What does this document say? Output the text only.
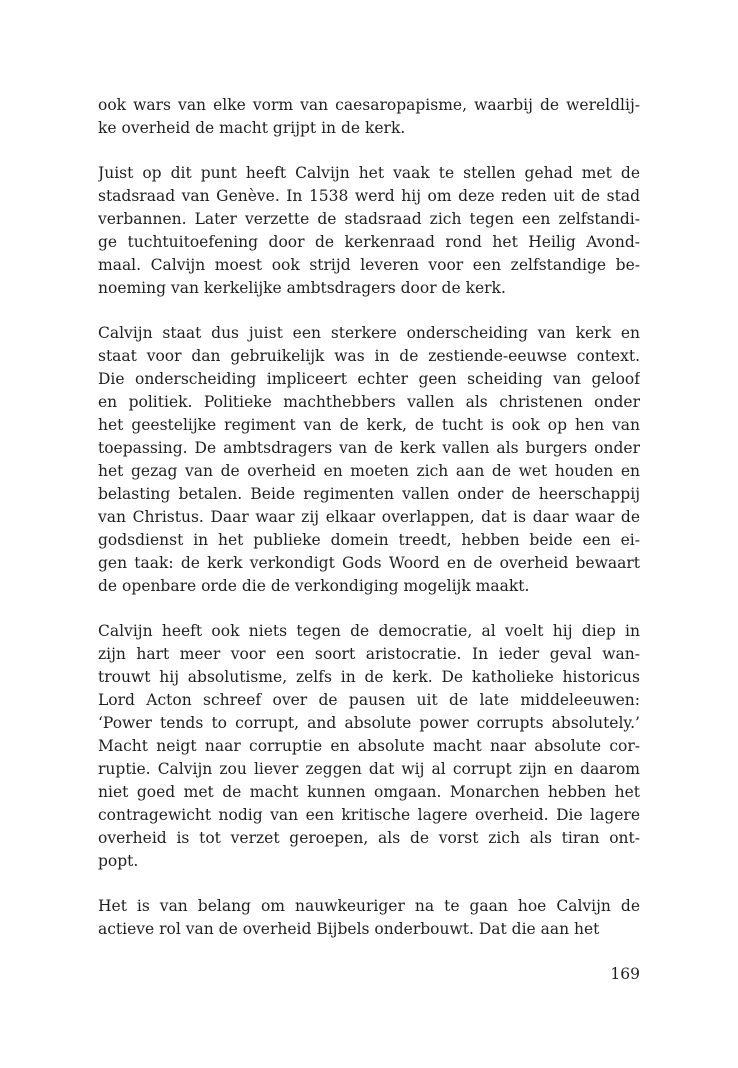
ook wars van elke vorm van caesaropapisme, waarbij de wereldlij-
ke overheid de macht grijpt in de kerk.
Juist op dit punt heeft Calvijn het vaak te stellen gehad met de
stadsraad van Genève. In 1538 werd hij om deze reden uit de stad
verbannen. Later verzette de stadsraad zich tegen een zelfstandi-
ge tuchtuitoefening door de kerkenraad rond het Heilig Avond-
maal. Calvijn moest ook strijd leveren voor een zelfstandige be-
noeming van kerkelijke ambtsdragers door de kerk.
Calvijn staat dus juist een sterkere onderscheiding van kerk en
staat voor dan gebruikelijk was in de zestiende-eeuwse context.
Die onderscheiding impliceert echter geen scheiding van geloof
en politiek. Politieke machthebbers vallen als christenen onder
het geestelijke regiment van de kerk, de tucht is ook op hen van
toepassing. De ambtsdragers van de kerk vallen als burgers onder
het gezag van de overheid en moeten zich aan de wet houden en
belasting betalen. Beide regimenten vallen onder de heerschappij
van Christus. Daar waar zij elkaar overlappen, dat is daar waar de
godsdienst in het publieke domein treedt, hebben beide een ei-
gen taak: de kerk verkondigt Gods Woord en de overheid bewaart
de openbare orde die de verkondiging mogelijk maakt.
Calvijn heeft ook niets tegen de democratie, al voelt hij diep in
zijn hart meer voor een soort aristocratie. In ieder geval wan-
trouwt hij absolutisme, zelfs in de kerk. De katholieke historicus
Lord Acton schreef over de pausen uit de late middeleeuwen:
‘Power tends to corrupt, and absolute power corrupts absolutely.’
Macht neigt naar corruptie en absolute macht naar absolute cor-
ruptie. Calvijn zou liever zeggen dat wij al corrupt zijn en daarom
niet goed met de macht kunnen omgaan. Monarchen hebben het
contragewicht nodig van een kritische lagere overheid. Die lagere
overheid is tot verzet geroepen, als de vorst zich als tiran ont-
popt.
Het is van belang om nauwkeuriger na te gaan hoe Calvijn de
actieve rol van de overheid Bijbels onderbouwt. Dat die aan het
169
